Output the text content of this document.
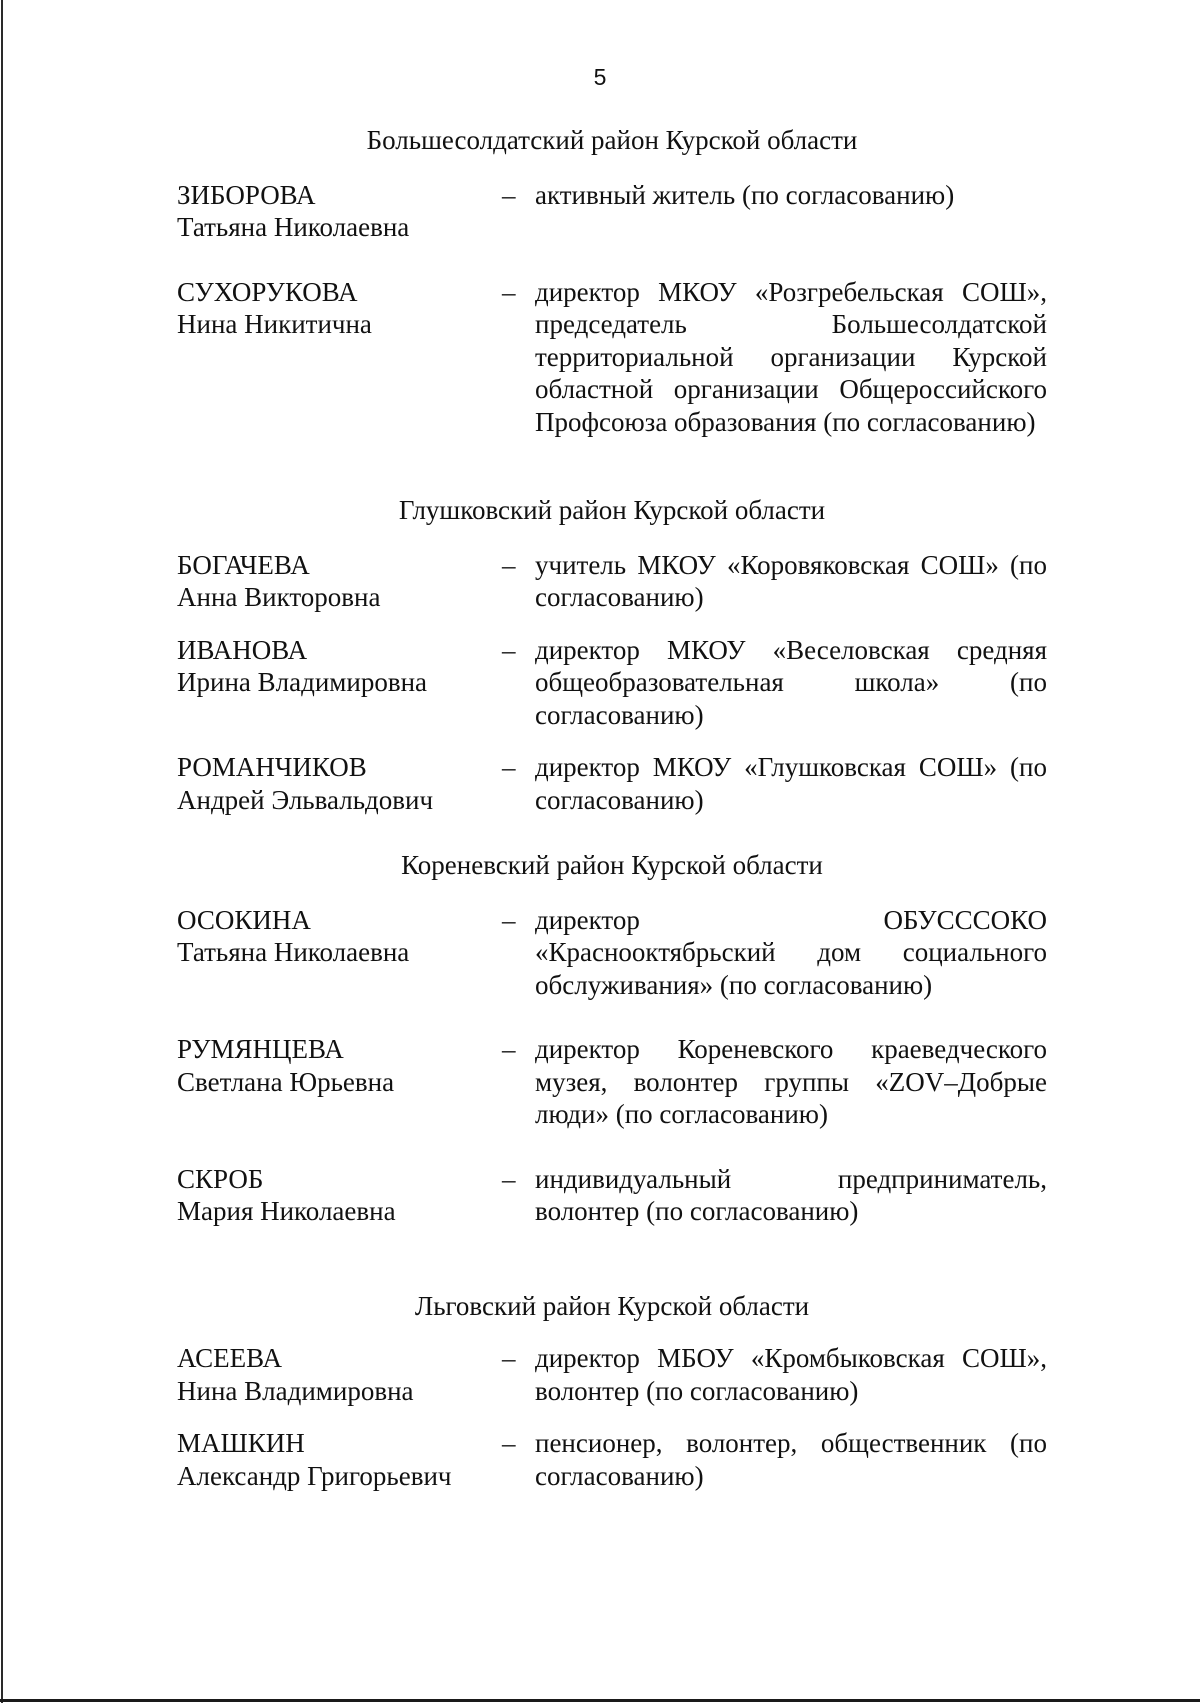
5
Большесолдатский район Курской области
ЗИБОРОВА
Татьяна Николаевна
– активный житель (по согласованию)
СУХОРУКОВА
Нина Никитична
– директор МКОУ «Розгребельская СОШ», председатель Большесолдатской территориальной организации Курской областной организации Общероссийского Профсоюза образования (по согласованию)
Глушковский район Курской области
БОГАЧЕВА
Анна Викторовна
– учитель МКОУ «Коровяковская СОШ» (по согласованию)
ИВАНОВА
Ирина Владимировна
– директор МКОУ «Веселовская средняя общеобразовательная школа» (по согласованию)
РОМАНЧИКОВ
Андрей Эльвальдович
– директор МКОУ «Глушковская СОШ» (по согласованию)
Кореневский район Курской области
ОСОКИНА
Татьяна Николаевна
– директор ОБУСССОКО «Краснооктябрьский дом социального обслуживания» (по согласованию)
РУМЯНЦЕВА
Светлана Юрьевна
– директор Кореневского краеведческого музея, волонтер группы «ZOV–Добрые люди» (по согласованию)
СКРОБ
Мария Николаевна
– индивидуальный предприниматель, волонтер (по согласованию)
Льговский район Курской области
АСЕЕВА
Нина Владимировна
– директор МБОУ «Кромбыковская СОШ», волонтер (по согласованию)
МАШКИН
Александр Григорьевич
– пенсионер, волонтер, общественник (по согласованию)
